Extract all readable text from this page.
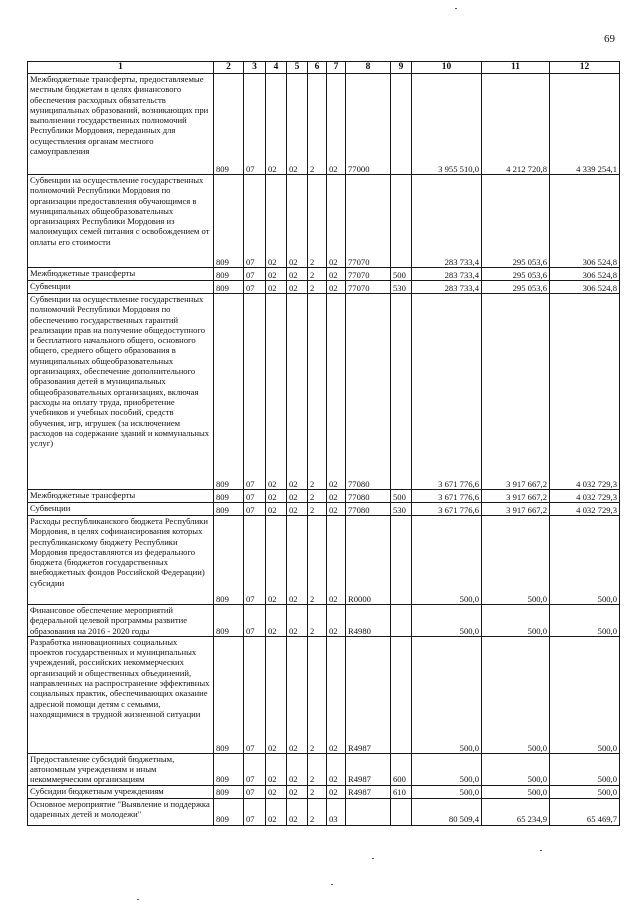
69
1	2	3	4	5	6	7	8	9	10	11	12
Межбюджетные трансферты, предоставляемые местным бюджетам в целях финансового обеспечения расходных обязательств муниципальных образований, возникающих при выполнении государственных полномочий Республики Мордовия, переданных для осуществления органам местного самоуправления	809	07	02	02	2	02	77000		3 955 510,0	4 212 720,8	4 339 254,1
Субвенции на осуществление государственных полномочий Республики Мордовия по организации предоставления обучающимся в муниципальных общеобразовательных организациях Республики Мордовия из малоимущих семей питания с освобождением от оплаты его стоимости	809	07	02	02	2	02	77070		283 733,4	295 053,6	306 524,8
Межбюджетные трансферты	809	07	02	02	2	02	77070	500	283 733,4	295 053,6	306 524,8
Субвенции	809	07	02	02	2	02	77070	530	283 733,4	295 053,6	306 524,8
Субвенции на осуществление государственных полномочий Республики Мордовия по обеспечению государственных гарантий реализации прав на получение общедоступного и бесплатного начального общего, основного общего, среднего общего образования в муниципальных общеобразовательных организациях, обеспечение дополнительного образования детей в муниципальных общеобразовательных организациях, включая расходы на оплату труда, приобретение учебников и учебных пособий, средств обучения, игр, игрушек (за исключением расходов на содержание зданий и коммунальных услуг)	809	07	02	02	2	02	77080		3 671 776,6	3 917 667,2	4 032 729,3
Межбюджетные трансферты	809	07	02	02	2	02	77080	500	3 671 776,6	3 917 667,2	4 032 729,3
Субвенции	809	07	02	02	2	02	77080	530	3 671 776,6	3 917 667,2	4 032 729,3
Расходы республиканского бюджета Республики Мордовия, в целях софинансирования которых республиканскому бюджету Республики Мордовия предоставляются из федерального бюджета (бюджетов государственных внебюджетных фондов Российской Федерации) субсидии	809	07	02	02	2	02	R0000		500,0	500,0	500,0
Финансовое обеспечение мероприятий федеральной целевой программы развитие образования на 2016 - 2020 годы	809	07	02	02	2	02	R4980		500,0	500,0	500,0
Разработка инновационных социальных проектов государственных и муниципальных учреждений, российских некоммерческих организаций и общественных объединений, направленных на распространение эффективных социальных практик, обеспечивающих оказание адресной помощи детям с семьями, находящимися в трудной жизненной ситуации	809	07	02	02	2	02	R4987		500,0	500,0	500,0
Предоставление субсидий бюджетным, автономным учреждениям и иным некоммерческим организациям	809	07	02	02	2	02	R4987	600	500,0	500,0	500,0
Субсидии бюджетным учреждениям	809	07	02	02	2	02	R4987	610	500,0	500,0	500,0
Основное мероприятие "Выявление и поддержка одаренных детей и молодежи"	809	07	02	02	2	03			80 509,4	65 234,9	65 469,7
